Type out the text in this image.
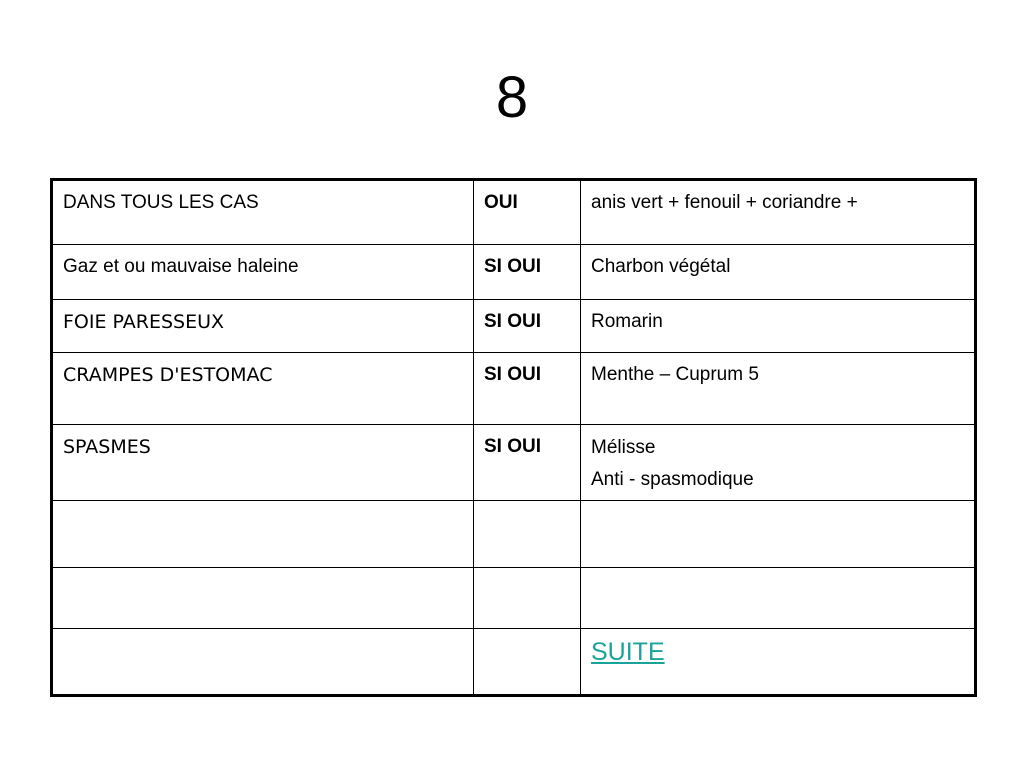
8
DANS TOUS LES CAS	OUI	anis vert + fenouil + coriandre +
Gaz et ou mauvaise haleine	SI OUI	Charbon végétal
FOIE PARESSEUX	SI OUI	Romarin
CRAMPES D'ESTOMAC	SI OUI	Menthe – Cuprum 5
SPASMES	SI OUI	Mélisse
Anti - spasmodique

		SUITE
